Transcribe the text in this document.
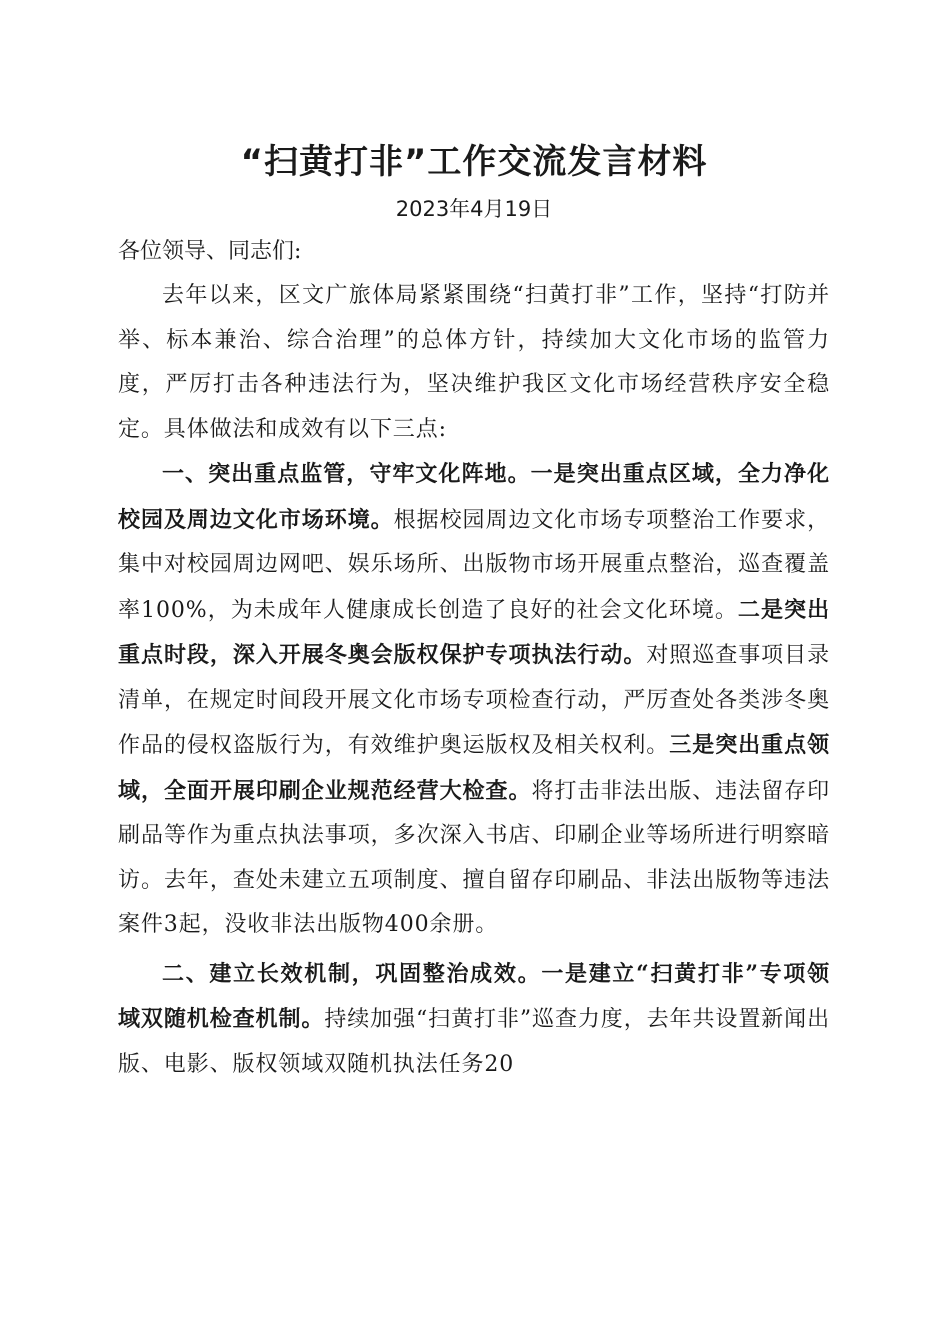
“扫黄打非”工作交流发言材料
2023年4月19日
各位领导、同志们:

去年以来，区文广旅体局紧紧围绕“扫黄打非”工作，坚持“打防并举、标本兼治、综合治理”的总体方针，持续加大文化市场的监管力度，严厉打击各种违法行为，坚决维护我区文化市场经营秩序安全稳定。具体做法和成效有以下三点:

一、突出重点监管，守牢文化阵地。一是突出重点区域，全力净化校园及周边文化市场环境。根据校园周边文化市场专项整治工作要求，集中对校园周边网吧、娱乐场所、出版物市场开展重点整治，巡查覆盖率100%，为未成年人健康成长创造了良好的社会文化环境。二是突出重点时段，深入开展冬奥会版权保护专项执法行动。对照巡查事项目录清单，在规定时间段开展文化市场专项检查行动，严厉查处各类涉冬奥作品的侵权盗版行为，有效维护奥运版权及相关权利。三是突出重点领域，全面开展印刷企业规范经营大检查。将打击非法出版、违法留存印刷品等作为重点执法事项，多次深入书店、印刷企业等场所进行明察暗访。去年，查处未建立五项制度、擅自留存印刷品、非法出版物等违法案件3起，没收非法出版物400余册。

二、建立长效机制，巩固整治成效。一是建立“扫黄打非”专项领域双随机检查机制。持续加强“扫黄打非”巡查力度，去年共设置新闻出版、电影、版权领域双随机执法任务20
